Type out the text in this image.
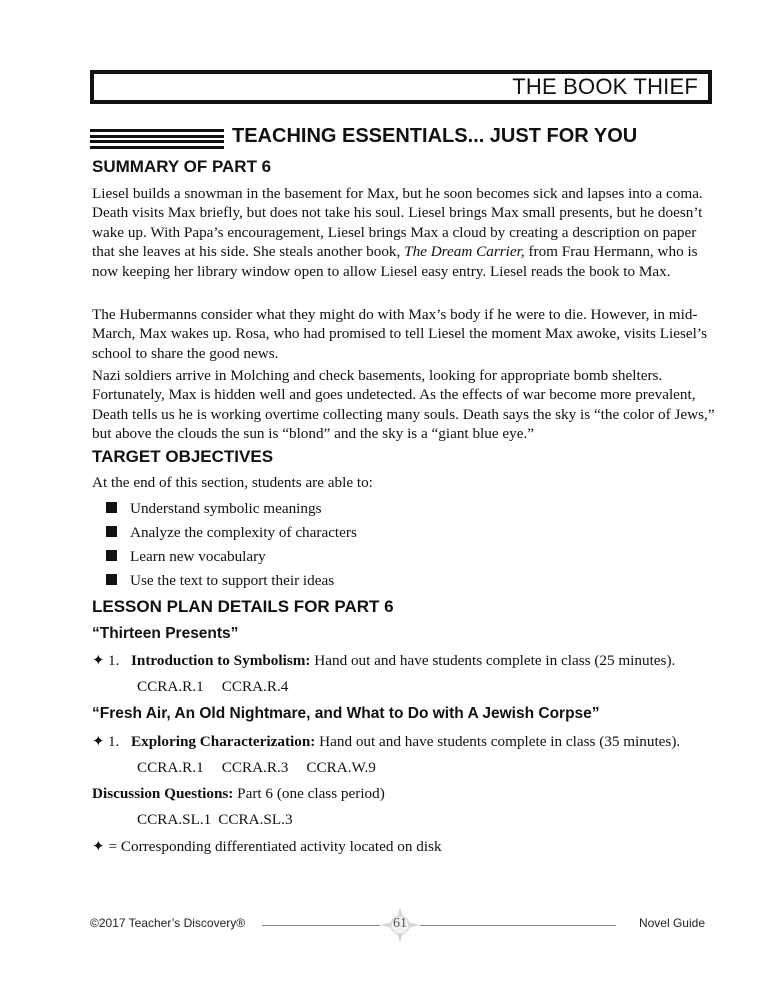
THE BOOK THIEF
TEACHING ESSENTIALS... JUST FOR YOU
SUMMARY OF PART 6
Liesel builds a snowman in the basement for Max, but he soon becomes sick and lapses into a coma. Death visits Max briefly, but does not take his soul. Liesel brings Max small presents, but he doesn’t wake up. With Papa’s encouragement, Liesel brings Max a cloud by creating a description on paper that she leaves at his side. She steals another book, The Dream Carrier, from Frau Hermann, who is now keeping her library window open to allow Liesel easy entry. Liesel reads the book to Max.
The Hubermanns consider what they might do with Max’s body if he were to die. However, in mid-March, Max wakes up. Rosa, who had promised to tell Liesel the moment Max awoke, visits Liesel’s school to share the good news.
Nazi soldiers arrive in Molching and check basements, looking for appropriate bomb shelters. Fortunately, Max is hidden well and goes undetected. As the effects of war become more prevalent, Death tells us he is working overtime collecting many souls. Death says the sky is “the color of Jews,” but above the clouds the sun is “blond” and the sky is a “giant blue eye.”
TARGET OBJECTIVES
At the end of this section, students are able to:
Understand symbolic meanings
Analyze the complexity of characters
Learn new vocabulary
Use the text to support their ideas
LESSON PLAN DETAILS FOR PART 6
“Thirteen Presents”
✦ 1. Introduction to Symbolism: Hand out and have students complete in class (25 minutes).
CCRA.R.1 CCRA.R.4
“Fresh Air, An Old Nightmare, and What to Do with A Jewish Corpse”
✦ 1. Exploring Characterization: Hand out and have students complete in class (35 minutes).
CCRA.R.1 CCRA.R.3 CCRA.W.9
Discussion Questions: Part 6 (one class period)
CCRA.SL.1 CCRA.SL.3
✦ = Corresponding differentiated activity located on disk
©2017 Teacher’s Discovery®	61	Novel Guide
